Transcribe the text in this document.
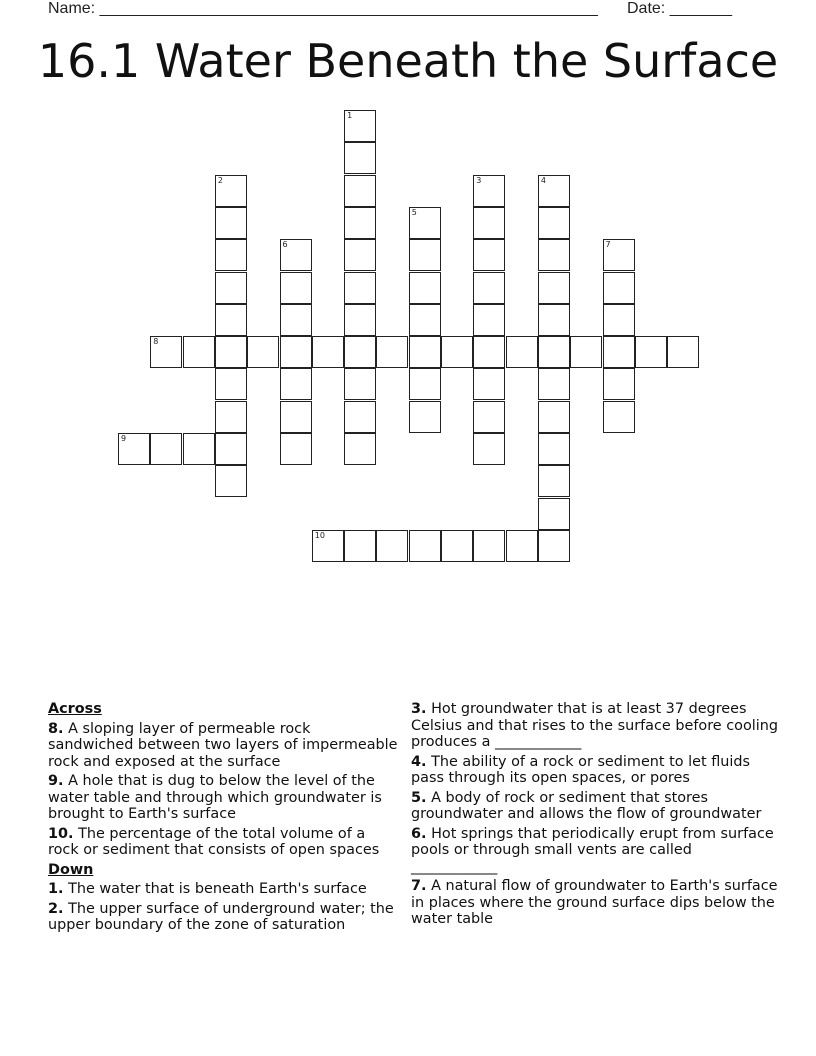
Name: ________________________________________________________ Date: _______
16.1 Water Beneath the Surface
1
2	3	4
5
6	7
8
9
10
Across
8. A sloping layer of permeable rock sandwiched between two layers of impermeable rock and exposed at the surface
9. A hole that is dug to below the level of the water table and through which groundwater is brought to Earth's surface
10. The percentage of the total volume of a rock or sediment that consists of open spaces
Down
1. The water that is beneath Earth's surface
2. The upper surface of underground water; the upper boundary of the zone of saturation
3. Hot groundwater that is at least 37 degrees Celsius and that rises to the surface before cooling produces a ____________
4. The ability of a rock or sediment to let fluids pass through its open spaces, or pores
5. A body of rock or sediment that stores groundwater and allows the flow of groundwater
6. Hot springs that periodically erupt from surface pools or through small vents are called ____________
7. A natural flow of groundwater to Earth's surface in places where the ground surface dips below the water table
